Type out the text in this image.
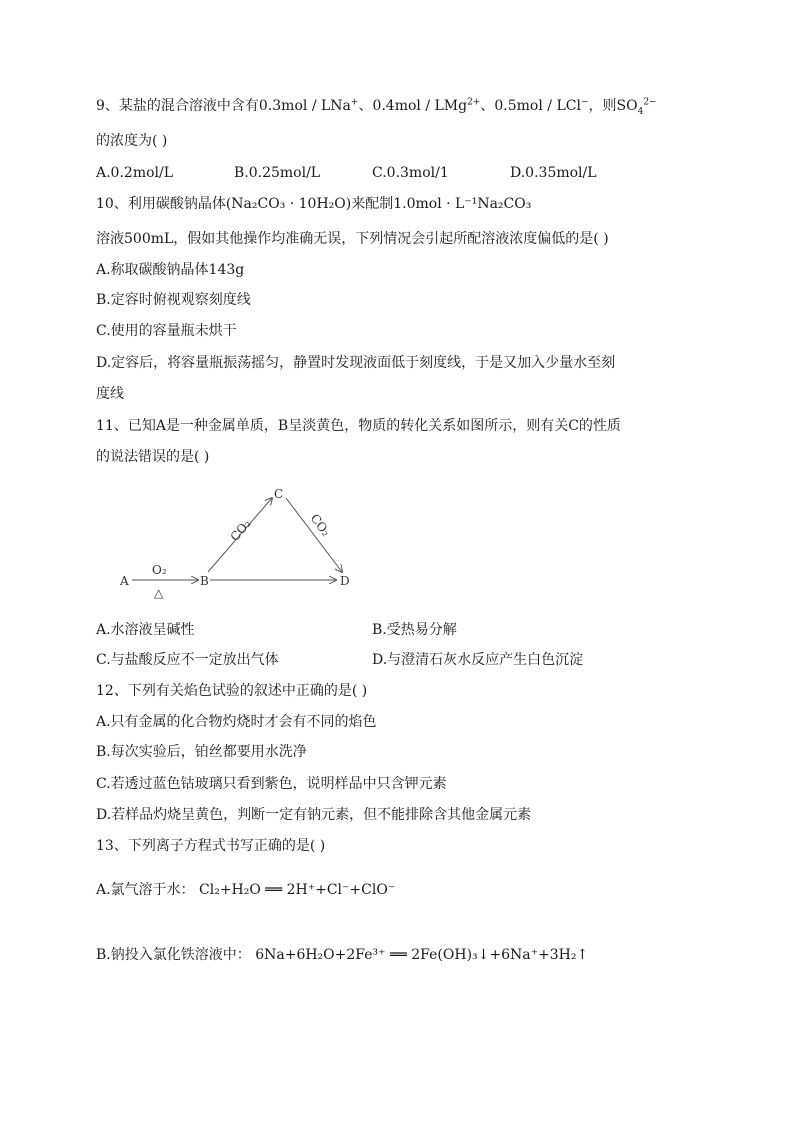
9、某盐的混合溶液中含有0.3mol / LNa+、0.4mol / LMg$^{2+}$、0.5mol / LCl−，则$SO_4^{2-}$
的浓度为( )
A.0.2mol/L	B.0.25mol/L	C.0.3mol/1	D.0.35mol/L
10、利用碳酸钠晶体(Na₂CO₃ · 10H₂O)来配制1.0mol · L⁻¹Na₂CO₃
溶液500mL，假如其他操作均准确无误，下列情况会引起所配溶液浓度偏低的是( )
A.称取碳酸钠晶体143g
B.定容时俯视观察刻度线
C.使用的容量瓶未烘干
D.定容后，将容量瓶振荡摇匀，静置时发现液面低于刻度线，于是又加入少量水至刻
度线
11、已知A是一种金属单质，B呈淡黄色，物质的转化关系如图所示，则有关C的性质
的说法错误的是( )
A	B
C
D
O₂
△
CO₂	CO₂
A.水溶液呈碱性	B.受热易分解
C.与盐酸反应不一定放出气体	D.与澄清石灰水反应产生白色沉淀
12、下列有关焰色试验的叙述中正确的是( )
A.只有金属的化合物灼烧时才会有不同的焰色
B.每次实验后，铂丝都要用水洗净
C.若透过蓝色钴玻璃只看到紫色，说明样品中只含钾元素
D.若样品灼烧呈黄色，判断一定有钠元素，但不能排除含其他金属元素
13、下列离子方程式书写正确的是( )
A.氯气溶于水： Cl₂+H₂O ══ 2H⁺+Cl⁻+ClO⁻
B.钠投入氯化铁溶液中： 6Na+6H₂O+2Fe³⁺ ══ 2Fe(OH)₃↓+6Na⁺+3H₂↑
